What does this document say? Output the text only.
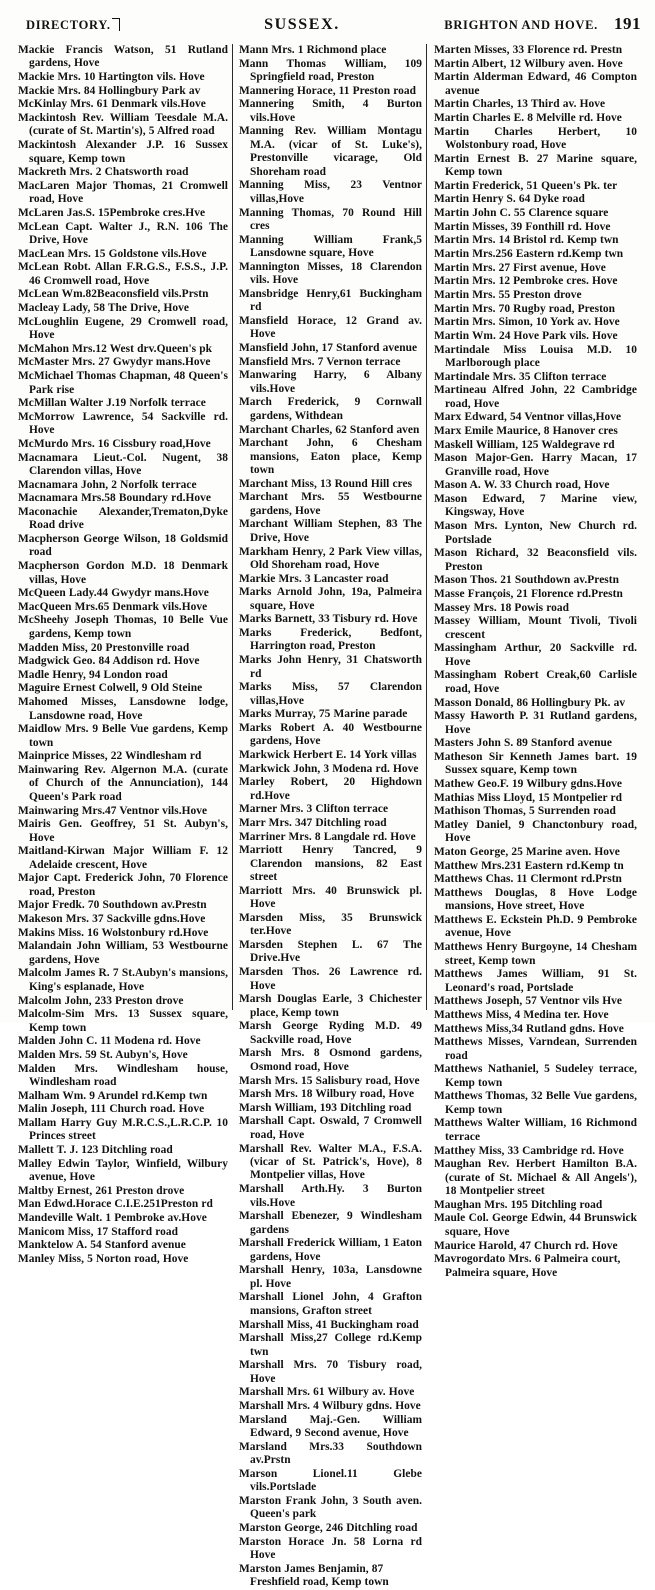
DIRECTORY.	SUSSEX.	BRIGHTON AND HOVE. 191
Mackie Francis Watson, 51 Rutland gardens, Hove
Mackie Mrs. 10 Hartington vils. Hove
Mackie Mrs. 84 Hollingbury Park av
McKinlay Mrs. 61 Denmark vils.Hove
Mackintosh Rev. William Teesdale M.A. (curate of St. Martin's), 5 Alfred road
Mackintosh Alexander J.P. 16 Sussex square, Kemp town
Mackreth Mrs. 2 Chatsworth road
MacLaren Major Thomas, 21 Cromwell road, Hove
McLaren Jas.S. 15Pembroke cres.Hve
McLean Capt. Walter J., R.N. 106 The Drive, Hove
MacLean Mrs. 15 Goldstone vils.Hove
McLean Robt. Allan F.R.G.S., F.S.S., J.P. 46 Cromwell road, Hove
McLean Wm.82Beaconsfield vils.Prstn
Macleay Lady, 58 The Drive, Hove
McLoughlin Eugene, 29 Cromwell road, Hove
McMahon Mrs.12 West drv.Queen's pk
McMaster Mrs. 27 Gwydyr mans.Hove
McMichael Thomas Chapman, 48 Queen's Park rise
McMillan Walter J.19 Norfolk terrace
McMorrow Lawrence, 54 Sackville rd. Hove
McMurdo Mrs. 16 Cissbury road,Hove
Macnamara Lieut.-Col. Nugent, 38 Clarendon villas, Hove
Macnamara John, 2 Norfolk terrace
Macnamara Mrs.58 Boundary rd.Hove
Maconachie Alexander,Trematon,Dyke Road drive
Macpherson George Wilson, 18 Goldsmid road
Macpherson Gordon M.D. 18 Denmark villas, Hove
McQueen Lady.44 Gwydyr mans.Hove
MacQueen Mrs.65 Denmark vils.Hove
McSheehy Joseph Thomas, 10 Belle Vue gardens, Kemp town
Madden Miss, 20 Prestonville road
Madgwick Geo. 84 Addison rd. Hove
Madle Henry, 94 London road
Maguire Ernest Colwell, 9 Old Steine
Mahomed Misses, Lansdowne lodge, Lansdowne road, Hove
Maidlow Mrs. 9 Belle Vue gardens, Kemp town
Mainprice Misses, 22 Windlesham rd
Mainwaring Rev. Algernon M.A. (curate of Church of the Annunciation), 144 Queen's Park road
Mainwaring Mrs.47 Ventnor vils.Hove
Mairis Gen. Geoffrey, 51 St. Aubyn's, Hove
Maitland-Kirwan Major William F. 12 Adelaide crescent, Hove
Major Capt. Frederick John, 70 Florence road, Preston
Major Fredk. 70 Southdown av.Prestn
Makeson Mrs. 37 Sackville gdns.Hove
Makins Miss. 16 Wolstonbury rd.Hove
Malandain John William, 53 Westbourne gardens, Hove
Malcolm James R. 7 St.Aubyn's mansions, King's esplanade, Hove
Malcolm John, 233 Preston drove
Malcolm-Sim Mrs. 13 Sussex square, Kemp town
Malden John C. 11 Modena rd. Hove
Malden Mrs. 59 St. Aubyn's, Hove
Malden Mrs. Windlesham house, Windlesham road
Malham Wm. 9 Arundel rd.Kemp twn
Malin Joseph, 111 Church road. Hove
Mallam Harry Guy M.R.C.S.,L.R.C.P. 10 Princes street
Mallett T. J. 123 Ditchling road
Malley Edwin Taylor, Winfield, Wilbury avenue, Hove
Maltby Ernest, 261 Preston drove
Man Edwd.Horace C.I.E.251Preston rd
Mandeville Walt. 1 Pembroke av.Hove
Manicom Miss, 17 Stafford road
Manktelow A. 54 Stanford avenue
Manley Miss, 5 Norton road, Hove
Mann Mrs. 1 Richmond place
Mann Thomas William, 109 Springfield road, Preston
Mannering Horace, 11 Preston road
Mannering Smith, 4 Burton vils.Hove
Manning Rev. William Montagu M.A. (vicar of St. Luke's), Prestonville vicarage, Old Shoreham road
Manning Miss, 23 Ventnor villas,Hove
Manning Thomas, 70 Round Hill cres
Manning William Frank,5 Lansdowne square, Hove
Mannington Misses, 18 Clarendon vils. Hove
Mansbridge Henry,61 Buckingham rd
Mansfield Horace, 12 Grand av. Hove
Mansfield John, 17 Stanford avenue
Mansfield Mrs. 7 Vernon terrace
Manwaring Harry, 6 Albany vils.Hove
March Frederick, 9 Cornwall gardens, Withdean
Marchant Charles, 62 Stanford aven
Marchant John, 6 Chesham mansions, Eaton place, Kemp town
Marchant Miss, 13 Round Hill cres
Marchant Mrs. 55 Westbourne gardens, Hove
Marchant William Stephen, 83 The Drive, Hove
Markham Henry, 2 Park View villas, Old Shoreham road, Hove
Markie Mrs. 3 Lancaster road
Marks Arnold John, 19a, Palmeira square, Hove
Marks Barnett, 33 Tisbury rd. Hove
Marks Frederick, Bedfont, Harrington road, Preston
Marks John Henry, 31 Chatsworth rd
Marks Miss, 57 Clarendon villas,Hove
Marks Murray, 75 Marine parade
Marks Robert A. 40 Westbourne gardens, Hove
Markwick Herbert E. 14 York villas
Markwick John, 3 Modena rd. Hove
Marley Robert, 20 Highdown rd.Hove
Marner Mrs. 3 Clifton terrace
Marr Mrs. 347 Ditchling road
Marriner Mrs. 8 Langdale rd. Hove
Marriott Henry Tancred, 9 Clarendon mansions, 82 East street
Marriott Mrs. 40 Brunswick pl. Hove
Marsden Miss, 35 Brunswick ter.Hove
Marsden Stephen L. 67 The Drive.Hve
Marsden Thos. 26 Lawrence rd. Hove
Marsh Douglas Earle, 3 Chichester place, Kemp town
Marsh George Ryding M.D. 49 Sackville road, Hove
Marsh Mrs. 8 Osmond gardens, Osmond road, Hove
Marsh Mrs. 15 Salisbury road, Hove
Marsh Mrs. 18 Wilbury road, Hove
Marsh William, 193 Ditchling road
Marshall Capt. Oswald, 7 Cromwell road, Hove
Marshall Rev. Walter M.A., F.S.A. (vicar of St. Patrick's, Hove), 8 Montpelier villas, Hove
Marshall Arth.Hy. 3 Burton vils.Hove
Marshall Ebenezer, 9 Windlesham gardens
Marshall Frederick William, 1 Eaton gardens, Hove
Marshall Henry, 103a, Lansdowne pl. Hove
Marshall Lionel John, 4 Grafton mansions, Grafton street
Marshall Miss, 41 Buckingham road
Marshall Miss,27 College rd.Kemp twn
Marshall Mrs. 70 Tisbury road, Hove
Marshall Mrs. 61 Wilbury av. Hove
Marshall Mrs. 4 Wilbury gdns. Hove
Marsland Maj.-Gen. William Edward, 9 Second avenue, Hove
Marsland Mrs.33 Southdown av.Prstn
Marson Lionel.11 Glebe vils.Portslade
Marston Frank John, 3 South aven. Queen's park
Marston George, 246 Ditchling road
Marston Horace Jn. 58 Lorna rd Hove
Marston James Benjamin, 87 Freshfield road, Kemp town
Marten Misses, 33 Florence rd. Prestn
Martin Albert, 12 Wilbury aven. Hove
Martin Alderman Edward, 46 Compton avenue
Martin Charles, 13 Third av. Hove
Martin Charles E. 8 Melville rd. Hove
Martin Charles Herbert, 10 Wolstonbury road, Hove
Martin Ernest B. 27 Marine square, Kemp town
Martin Frederick, 51 Queen's Pk. ter
Martin Henry S. 64 Dyke road
Martin John C. 55 Clarence square
Martin Misses, 39 Fonthill rd. Hove
Martin Mrs. 14 Bristol rd. Kemp twn
Martin Mrs.256 Eastern rd.Kemp twn
Martin Mrs. 27 First avenue, Hove
Martin Mrs. 12 Pembroke cres. Hove
Martin Mrs. 55 Preston drove
Martin Mrs. 70 Rugby road, Preston
Martin Mrs. Simon, 10 York av. Hove
Martin Wm. 24 Hove Park vils. Hove
Martindale Miss Louisa M.D. 10 Marlborough place
Martindale Mrs. 35 Clifton terrace
Martineau Alfred John, 22 Cambridge road, Hove
Marx Edward, 54 Ventnor villas,Hove
Marx Emile Maurice, 8 Hanover cres
Maskell William, 125 Waldegrave rd
Mason Major-Gen. Harry Macan, 17 Granville road, Hove
Mason A. W. 33 Church road, Hove
Mason Edward, 7 Marine view, Kingsway, Hove
Mason Mrs. Lynton, New Church rd. Portslade
Mason Richard, 32 Beaconsfield vils. Preston
Mason Thos. 21 Southdown av.Prestn
Masse François, 21 Florence rd.Prestn
Massey Mrs. 18 Powis road
Massey William, Mount Tivoli, Tivoli crescent
Massingham Arthur, 20 Sackville rd. Hove
Massingham Robert Creak,60 Carlisle road, Hove
Masson Donald, 86 Hollingbury Pk. av
Massy Haworth P. 31 Rutland gardens, Hove
Masters John S. 89 Stanford avenue
Matheson Sir Kenneth James bart. 19 Sussex square, Kemp town
Mathew Geo.F. 19 Wilbury gdns.Hove
Mathias Miss Lloyd, 15 Montpelier rd
Mathison Thomas, 5 Surrenden road
Matley Daniel, 9 Chanctonbury road, Hove
Maton George, 25 Marine aven. Hove
Matthew Mrs.231 Eastern rd.Kemp tn
Matthews Chas. 11 Clermont rd.Prstn
Matthews Douglas, 8 Hove Lodge mansions, Hove street, Hove
Matthews E. Eckstein Ph.D. 9 Pembroke avenue, Hove
Matthews Henry Burgoyne, 14 Chesham street, Kemp town
Matthews James William, 91 St. Leonard's road, Portslade
Matthews Joseph, 57 Ventnor vils Hve
Matthews Miss, 4 Medina ter. Hove
Matthews Miss,34 Rutland gdns. Hove
Matthews Misses, Varndean, Surrenden road
Matthews Nathaniel, 5 Sudeley terrace, Kemp town
Matthews Thomas, 32 Belle Vue gardens, Kemp town
Matthews Walter William, 16 Richmond terrace
Matthey Miss, 33 Cambridge rd. Hove
Maughan Rev. Herbert Hamilton B.A. (curate of St. Michael & All Angels'), 18 Montpelier street
Maughan Mrs. 195 Ditchling road
Maule Col. George Edwin, 44 Brunswick square, Hove
Maurice Harold, 47 Church rd. Hove
Mavrogordato Mrs. 6 Palmeira court, Palmeira square, Hove
